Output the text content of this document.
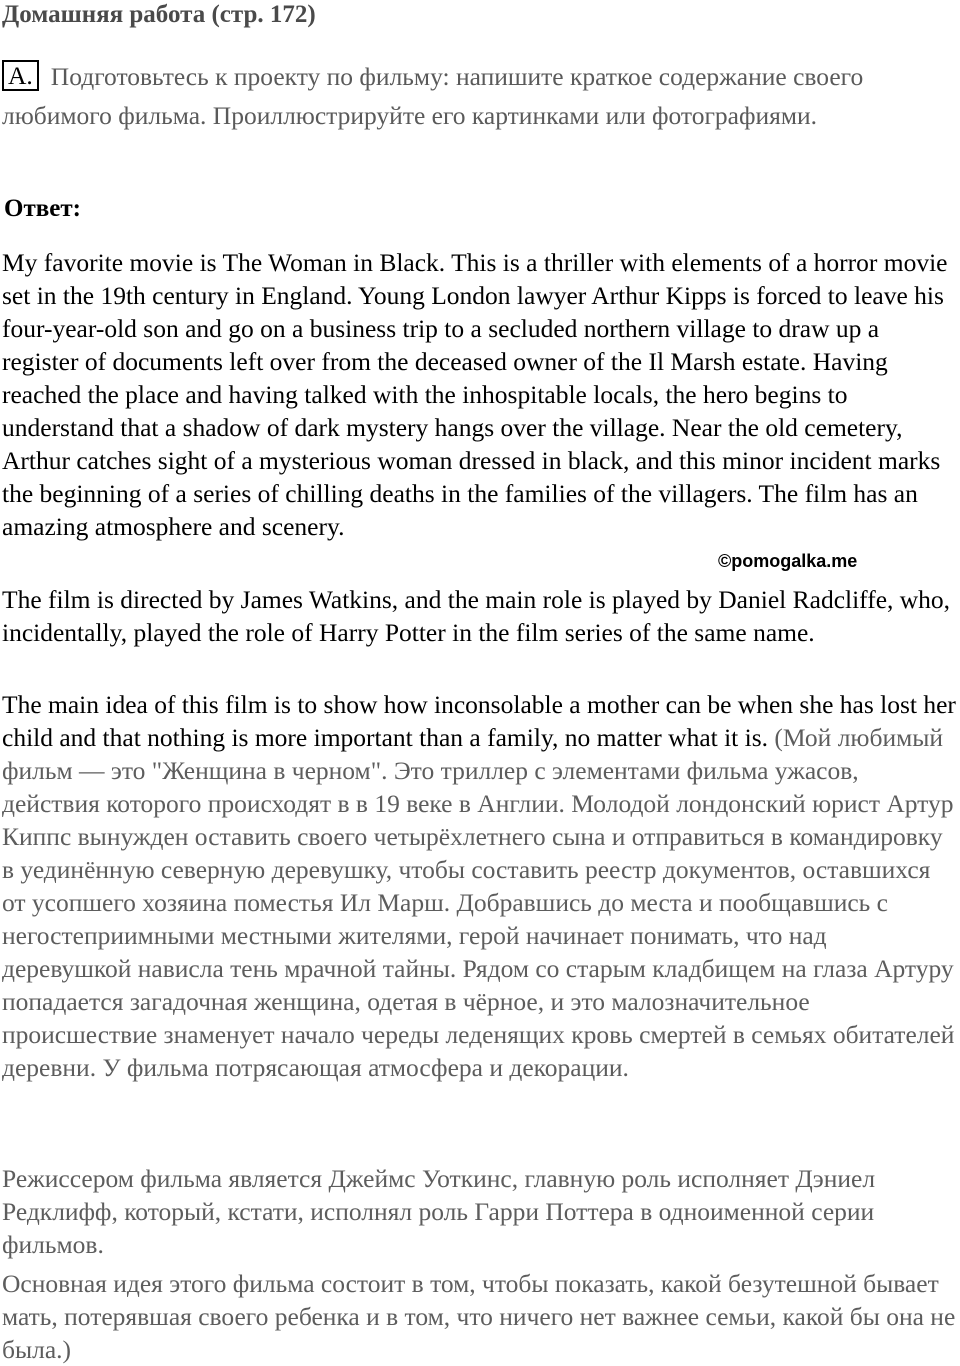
Домашняя работа (стр. 172)
A. Подготовьтесь к проекту по фильму: напишите краткое содержание своего любимого фильма. Проиллюстрируйте его картинками или фотографиями.
Ответ:

My favorite movie is The Woman in Black. This is a thriller with elements of a horror movie set in the 19th century in England. Young London lawyer Arthur Kipps is forced to leave his four-year-old son and go on a business trip to a secluded northern village to draw up a register of documents left over from the deceased owner of the Il Marsh estate. Having reached the place and having talked with the inhospitable locals, the hero begins to understand that a shadow of dark mystery hangs over the village. Near the old cemetery, Arthur catches sight of a mysterious woman dressed in black, and this minor incident marks the beginning of a series of chilling deaths in the families of the villagers. The film has an amazing atmosphere and scenery.

©pomogalka.me

The film is directed by James Watkins, and the main role is played by Daniel Radcliffe, who, incidentally, played the role of Harry Potter in the film series of the same name.

The main idea of this film is to show how inconsolable a mother can be when she has lost her child and that nothing is more important than a family, no matter what it is. (Мой любимый фильм — это "Женщина в черном". Это триллер с элементами фильма ужасов, действия которого происходят в в 19 веке в Англии. Молодой лондонский юрист Артур Киппс вынужден оставить своего четырёхлетнего сына и отправиться в командировку в уединённую северную деревушку, чтобы составить реестр документов, оставшихся от усопшего хозяина поместья Ил Марш. Добравшись до места и пообщавшись с негостеприимными местными жителями, герой начинает понимать, что над деревушкой нависла тень мрачной тайны. Рядом со старым кладбищем на глаза Артуру попадается загадочная женщина, одетая в чёрное, и это малозначительное происшествие знаменует начало череды леденящих кровь смертей в семьях обитателей деревни. У фильма потрясающая атмосфера и декорации.

Режиссером фильма является Джеймс Уоткинс, главную роль исполняет Дэниел Редклифф, который, кстати, исполнял роль Гарри Поттера в одноименной серии фильмов.

Основная идея этого фильма состоит в том, чтобы показать, какой безутешной бывает мать, потерявшая своего ребенка и в том, что ничего нет важнее семьи, какой бы она не была.)
